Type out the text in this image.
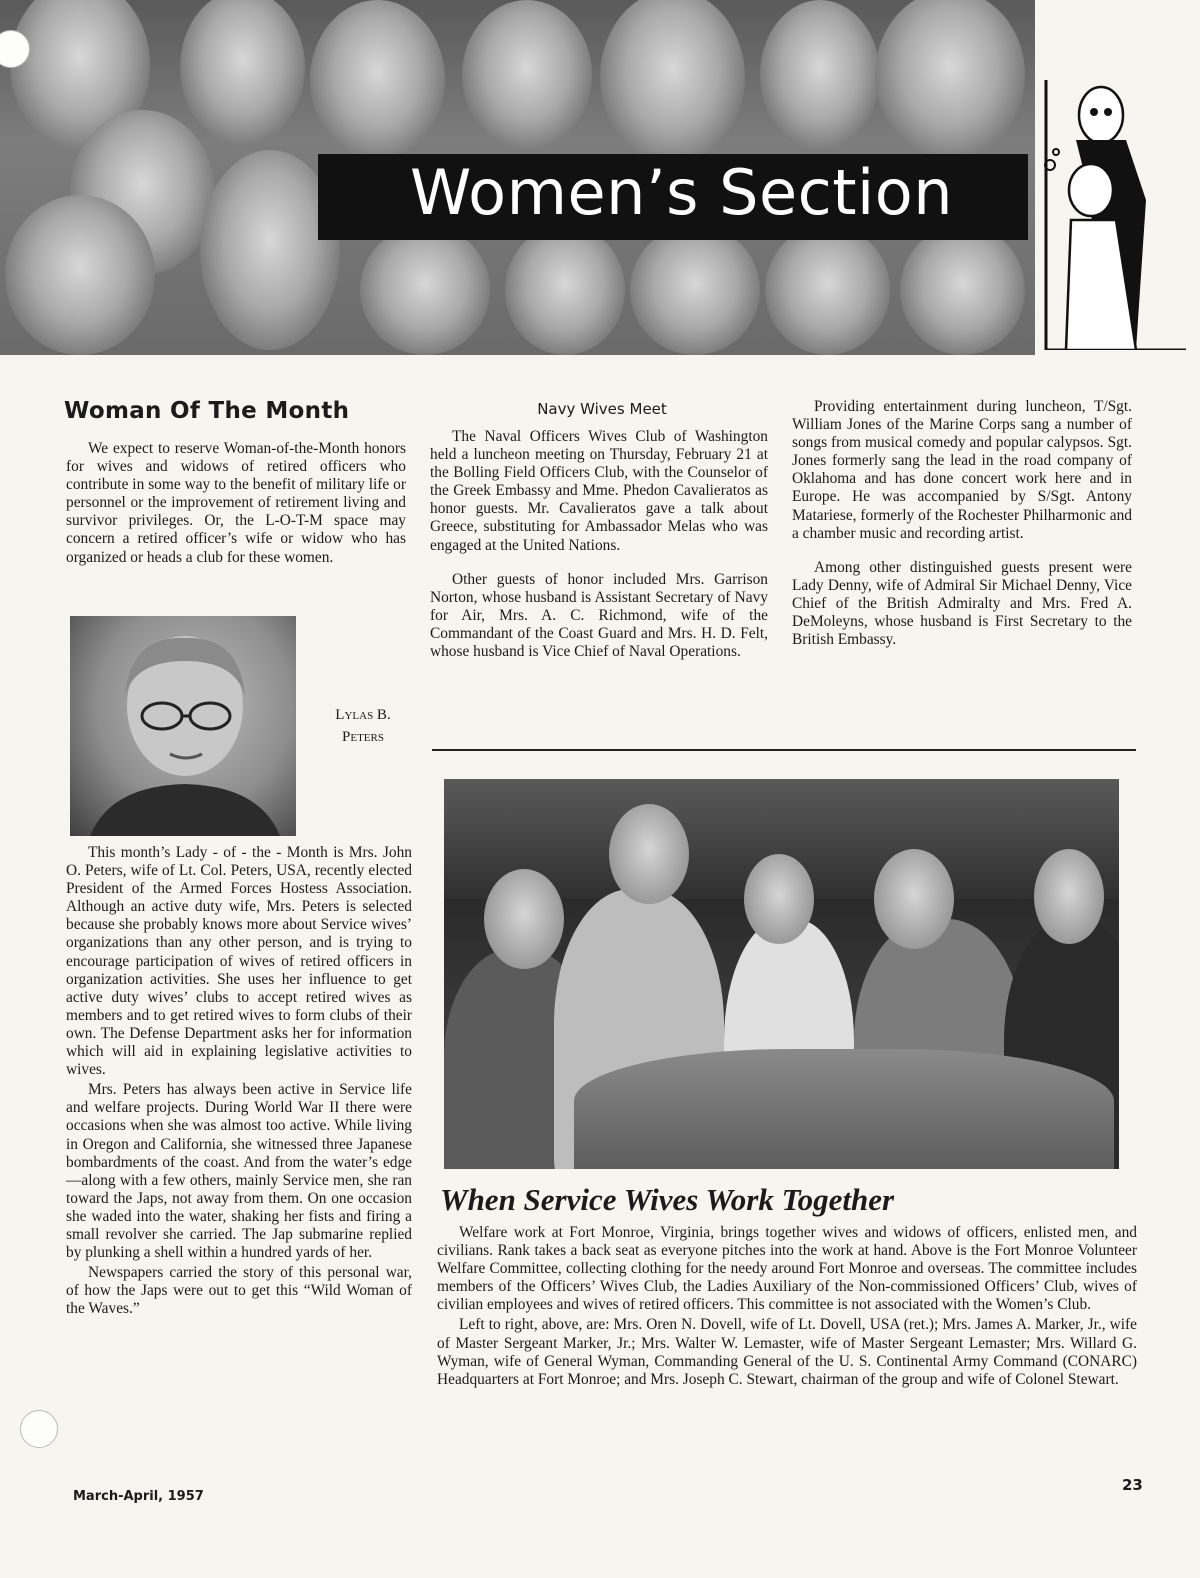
Women’s Section
Woman Of The Month

We expect to reserve Woman-of-the-Month honors for wives and widows of retired officers who contribute in some way to the benefit of military life or personnel or the improvement of retirement living and survivor privileges. Or, the L-O-T-M space may concern a retired officer’s wife or widow who has organized or heads a club for these women.

Lylas B.
Peters

This month’s Lady - of - the - Month is Mrs. John O. Peters, wife of Lt. Col. Peters, USA, recently elected President of the Armed Forces Hostess Association. Although an active duty wife, Mrs. Peters is selected because she probably knows more about Service wives’ organizations than any other person, and is trying to encourage participation of wives of retired officers in organization activities. She uses her influence to get active duty wives’ clubs to accept retired wives as members and to get retired wives to form clubs of their own. The Defense Department asks her for information which will aid in explaining legislative activities to wives.

Mrs. Peters has always been active in Service life and welfare projects. During World War II there were occasions when she was almost too active. While living in Oregon and California, she witnessed three Japanese bombardments of the coast. And from the water’s edge—along with a few others, mainly Service men, she ran toward the Japs, not away from them. On one occasion she waded into the water, shaking her fists and firing a small revolver she carried. The Jap submarine replied by plunking a shell within a hundred yards of her.

Newspapers carried the story of this personal war, of how the Japs were out to get this “Wild Woman of the Waves.”

Navy Wives Meet

The Naval Officers Wives Club of Washington held a luncheon meeting on Thursday, February 21 at the Bolling Field Officers Club, with the Counselor of the Greek Embassy and Mme. Phedon Cavalieratos as honor guests. Mr. Cavalieratos gave a talk about Greece, substituting for Ambassador Melas who was engaged at the United Nations.

Other guests of honor included Mrs. Garrison Norton, whose husband is Assistant Secretary of Navy for Air, Mrs. A. C. Richmond, wife of the Commandant of the Coast Guard and Mrs. H. D. Felt, whose husband is Vice Chief of Naval Operations.

Providing entertainment during luncheon, T/Sgt. William Jones of the Marine Corps sang a number of songs from musical comedy and popular calypsos. Sgt. Jones formerly sang the lead in the road company of Oklahoma and has done concert work here and in Europe. He was accompanied by S/Sgt. Antony Matariese, formerly of the Rochester Philharmonic and a chamber music and recording artist.

Among other distinguished guests present were Lady Denny, wife of Admiral Sir Michael Denny, Vice Chief of the British Admiralty and Mrs. Fred A. DeMoleyns, whose husband is First Secretary to the British Embassy.

When Service Wives Work Together

Welfare work at Fort Monroe, Virginia, brings together wives and widows of officers, enlisted men, and civilians. Rank takes a back seat as everyone pitches into the work at hand. Above is the Fort Monroe Volunteer Welfare Committee, collecting clothing for the needy around Fort Monroe and overseas. The committee includes members of the Officers’ Wives Club, the Ladies Auxiliary of the Non-commissioned Officers’ Club, wives of civilian employees and wives of retired officers. This committee is not associated with the Women’s Club.

Left to right, above, are: Mrs. Oren N. Dovell, wife of Lt. Dovell, USA (ret.); Mrs. James A. Marker, Jr., wife of Master Sergeant Marker, Jr.; Mrs. Walter W. Lemaster, wife of Master Sergeant Lemaster; Mrs. Willard G. Wyman, wife of General Wyman, Commanding General of the U. S. Continental Army Command (CONARC) Headquarters at Fort Monroe; and Mrs. Joseph C. Stewart, chairman of the group and wife of Colonel Stewart.

March-April, 1957
23
